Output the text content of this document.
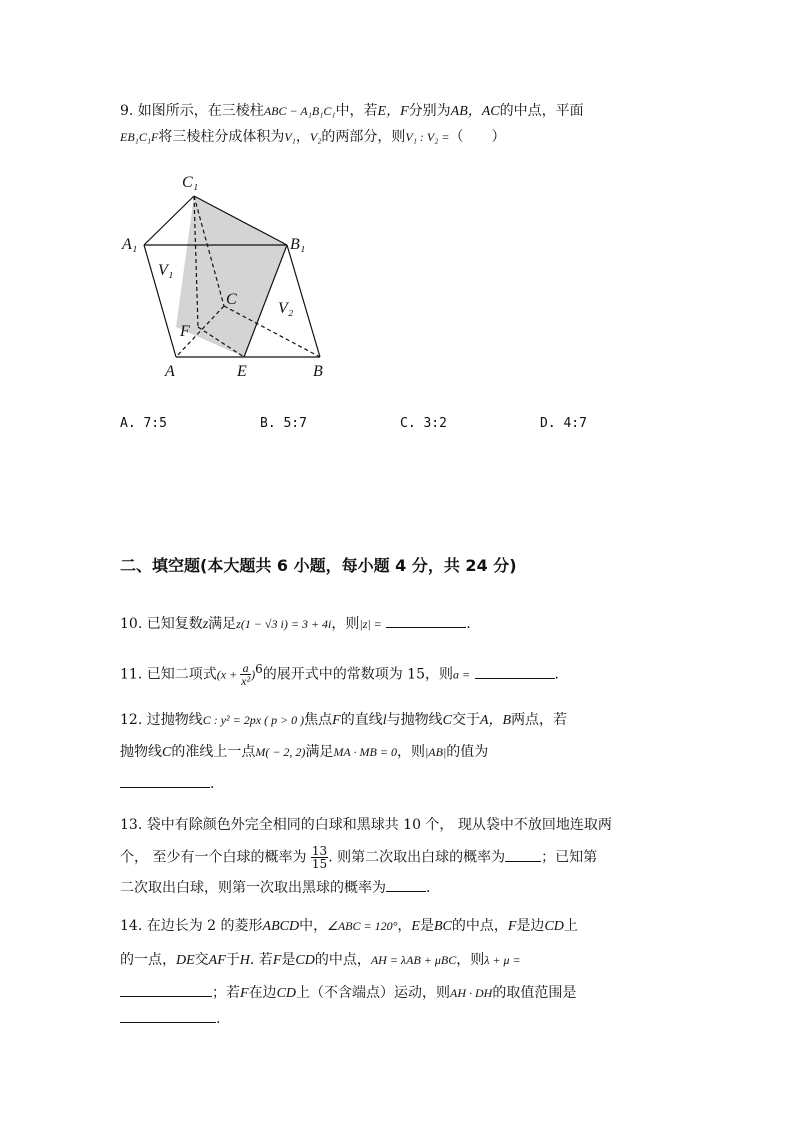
9. 如图所示，在三棱柱ABC − A₁B₁C₁中，若E，F分别为AB，AC的中点，平面
EB₁C₁F将三棱柱分成体积为V₁，V₂的两部分，则V₁ : V₂ =（　　）
C₁
A₁	B₁
V₁
C
V₂
F
A	E	B
A. 7:5	B. 5:7	C. 3:2	D. 4:7
二、填空题(本大题共 6 小题，每小题 4 分，共 24 分)
10. 已知复数z满足z(1 − √3 i) = 3 + 4i，则|z| =	.
11. 已知二项式$(x + \frac{a}{\text{x²}} )^6$的展开式中的常数项为 15，则a =	.
12. 过抛物线C : y² = 2px ( p > 0 )焦点F的直线l与抛物线C交于A，B两点，若
抛物线C的准线上一点M( − 2, 2)满足MA · MB = 0，则|AB|的值为
.
13. 袋中有除颜色外完全相同的白球和黑球共 10 个， 现从袋中不放回地连取两
个， 至少有一个白球的概率为 $\frac{13}{15}$ . 则第二次取出白球的概率为	；已知第
二次取出白球，则第一次取出黑球的概率为	.
14. 在边长为 2 的菱形ABCD中，∠ABC = 120°，E是BC的中点，F是边CD上
的一点，DE交AF于H. 若F是CD的中点，AH = λAB + μBC，则λ + μ =
；若F在边CD上（不含端点）运动，则AH · DH的取值范围是
.
